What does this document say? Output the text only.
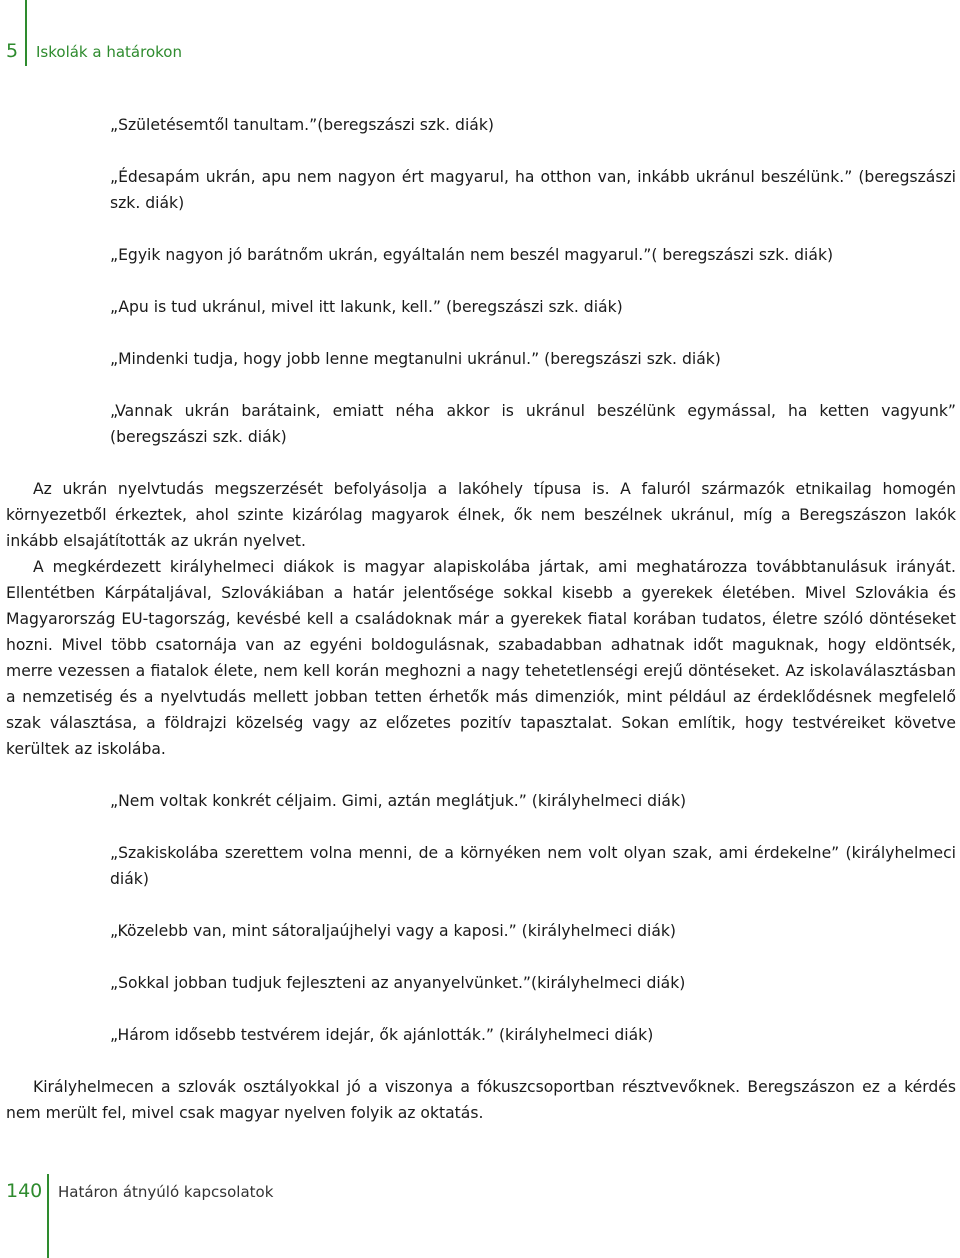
5 Iskolák a határokon

„Születésemtől tanultam.”(beregszászi szk. diák)

„Édesapám ukrán, apu nem nagyon ért magyarul, ha otthon van, inkább ukránul beszélünk.” (beregszászi szk. diák)

„Egyik nagyon jó barátnőm ukrán, egyáltalán nem beszél magyarul.”( beregszászi szk. diák)

„Apu is tud ukránul, mivel itt lakunk, kell.” (beregszászi szk. diák)

„Mindenki tudja, hogy jobb lenne megtanulni ukránul.” (beregszászi szk. diák)

„Vannak ukrán barátaink, emiatt néha akkor is ukránul beszélünk egymással, ha ketten vagyunk” (beregszászi szk. diák)

Az ukrán nyelvtudás megszerzését befolyásolja a lakóhely típusa is. A faluról származók etnikailag homogén környezetből érkeztek, ahol szinte kizárólag magyarok élnek, ők nem beszélnek ukránul, míg a Beregszászon lakók inkább elsajátították az ukrán nyelvet.

A megkérdezett királyhelmeci diákok is magyar alapiskolába jártak, ami meghatározza továbbtanulásuk irányát. Ellentétben Kárpátaljával, Szlovákiában a határ jelentősége sokkal kisebb a gyerekek életében. Mivel Szlovákia és Magyarország EU-tagország, kevésbé kell a családoknak már a gyerekek fiatal korában tudatos, életre szóló döntéseket hozni. Mivel több csatornája van az egyéni boldogulásnak, szabadabban adhatnak időt maguknak, hogy eldöntsék, merre vezessen a fiatalok élete, nem kell korán meghozni a nagy tehetetlenségi erejű döntéseket. Az iskolaválasztásban a nemzetiség és a nyelvtudás mellett jobban tetten érhetők más dimenziók, mint például az érdeklődésnek megfelelő szak választása, a földrajzi közelség vagy az előzetes pozitív tapasztalat. Sokan említik, hogy testvéreiket követve kerültek az iskolába.

„Nem voltak konkrét céljaim. Gimi, aztán meglátjuk.” (királyhelmeci diák)

„Szakiskolába szerettem volna menni, de a környéken nem volt olyan szak, ami érdekelne” (királyhelmeci diák)

„Közelebb van, mint sátoraljaújhelyi vagy a kaposi.” (királyhelmeci diák)

„Sokkal jobban tudjuk fejleszteni az anyanyelvünket.”(királyhelmeci diák)

„Három idősebb testvérem idejár, ők ajánlották.” (királyhelmeci diák)

Királyhelmecen a szlovák osztályokkal jó a viszonya a fókuszcsoportban résztvevőknek. Beregszászon ez a kérdés nem merült fel, mivel csak magyar nyelven folyik az oktatás.

140 Határon átnyúló kapcsolatok
